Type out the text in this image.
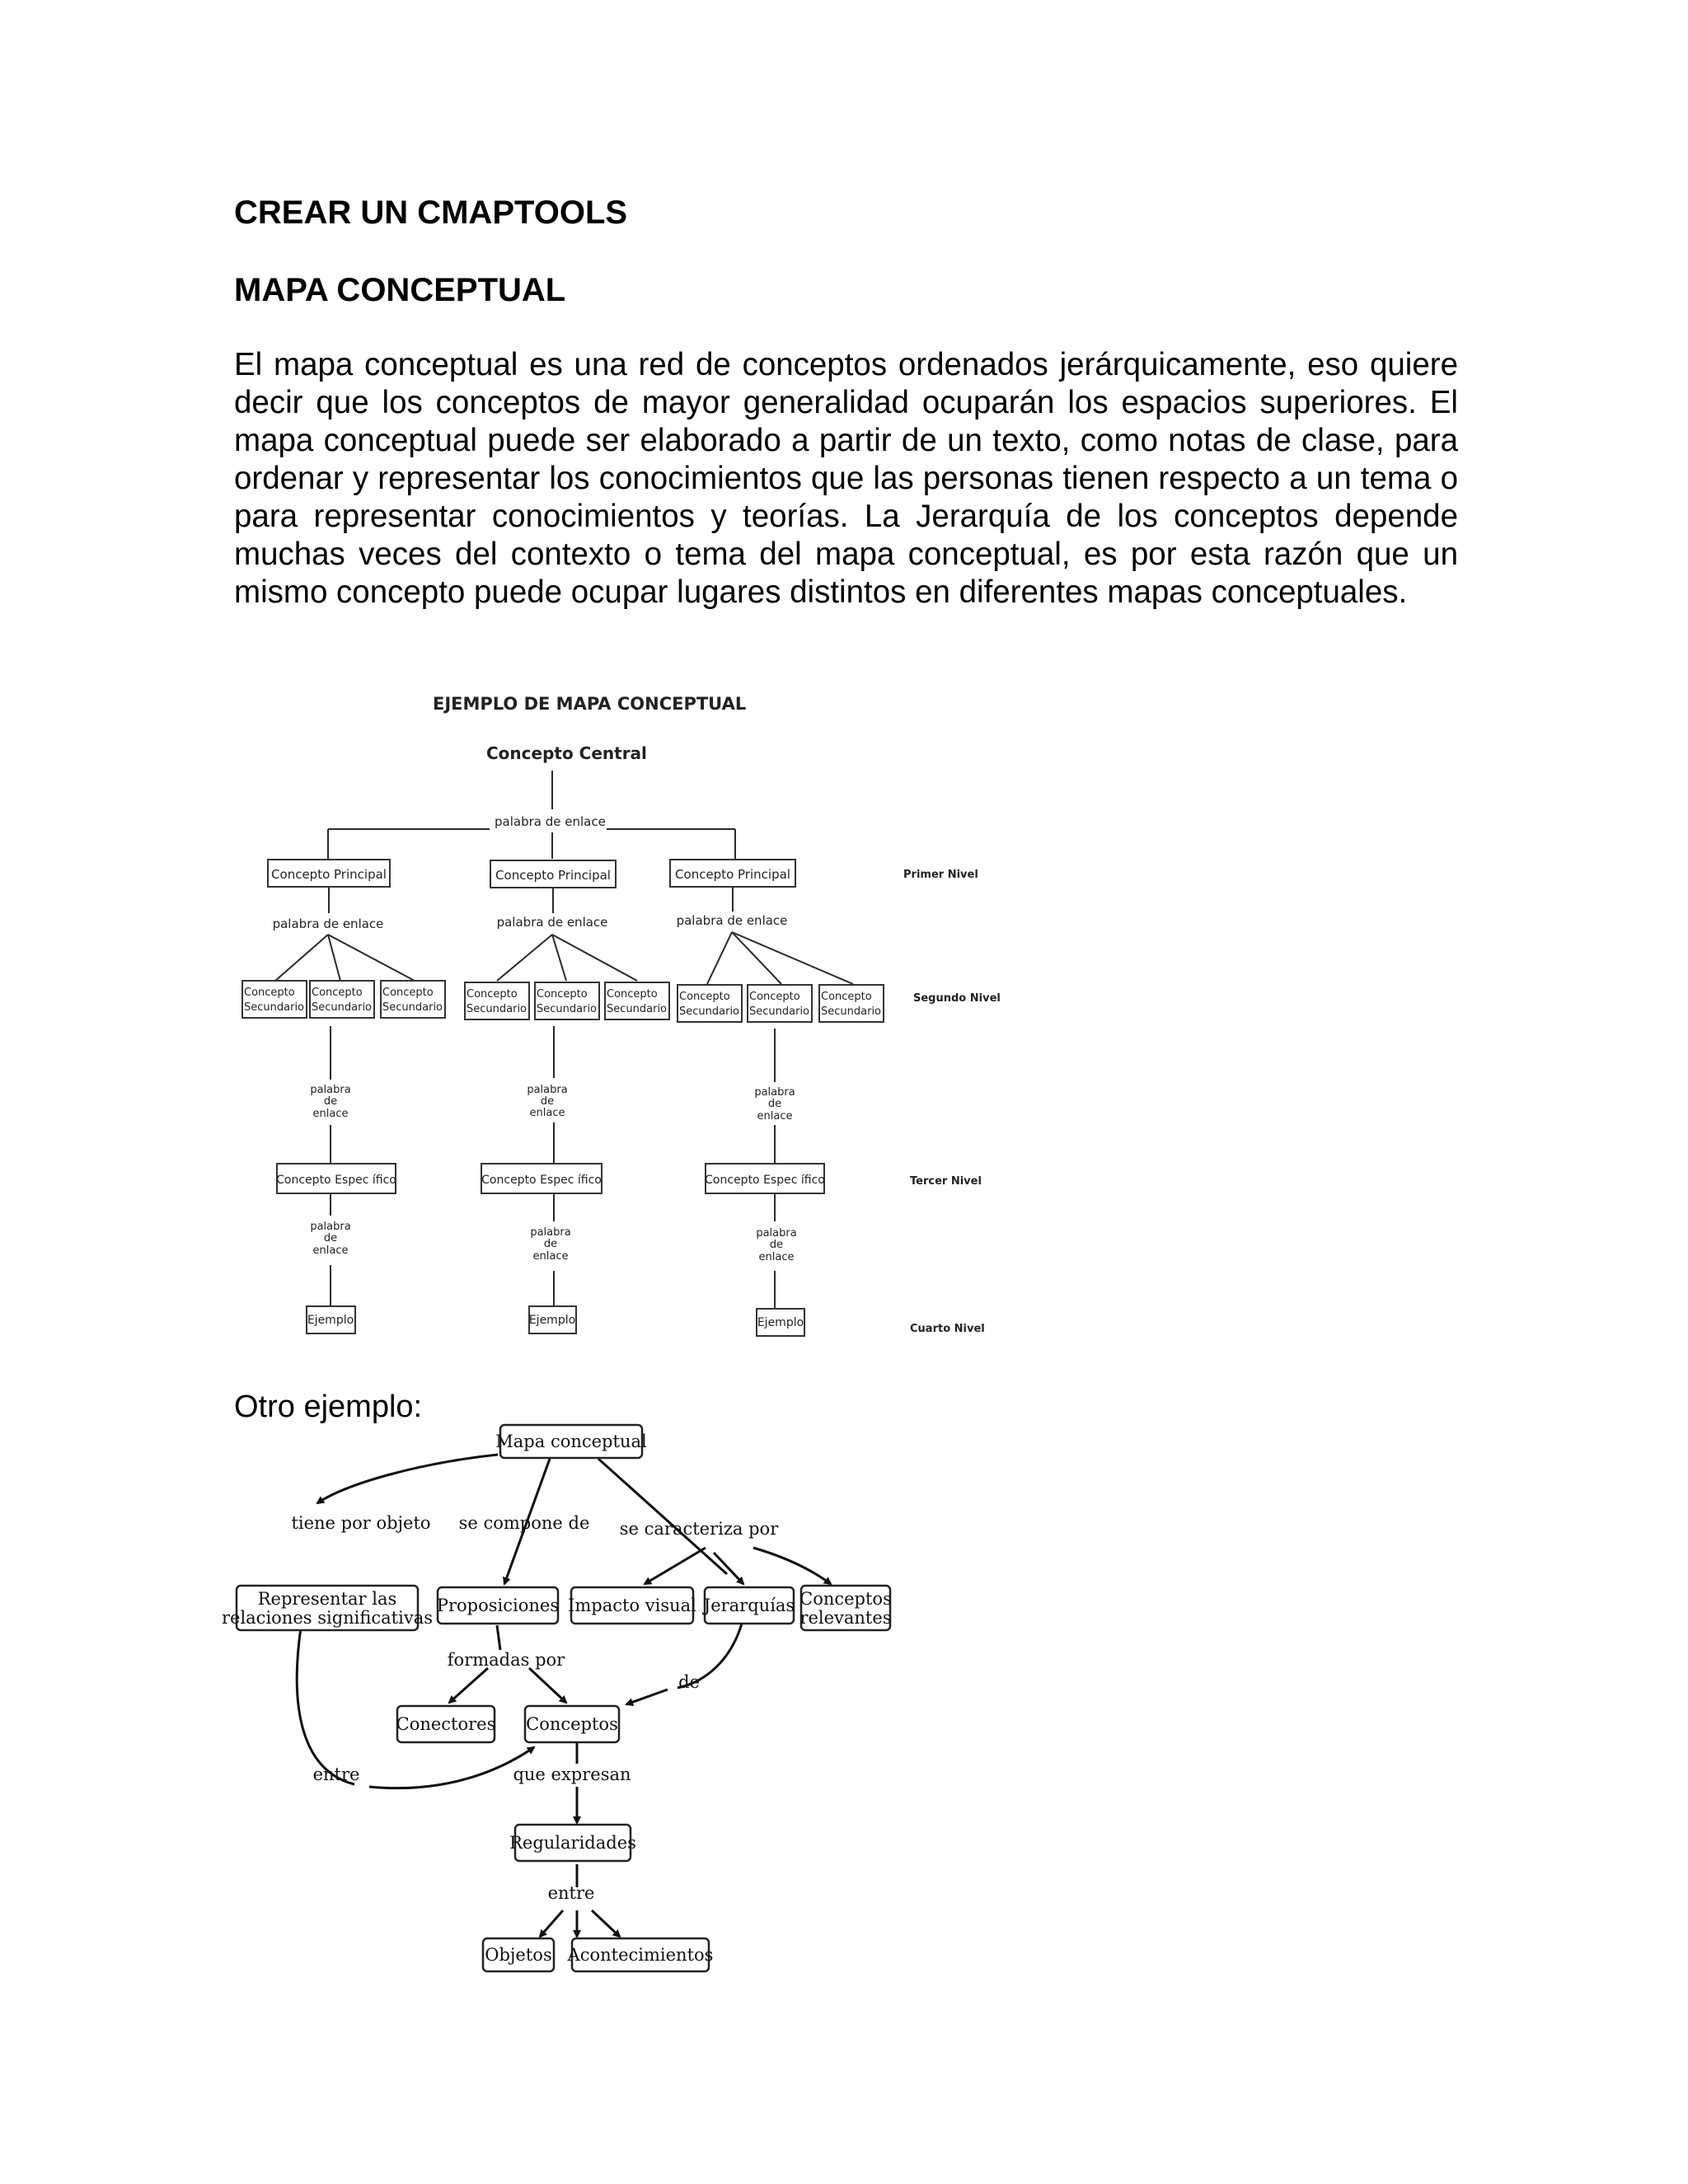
CREAR UN CMAPTOOLS
MAPA CONCEPTUAL

El mapa conceptual es una red de conceptos ordenados jerárquicamente, eso quiere decir que los conceptos de mayor generalidad ocuparán los espacios superiores. El mapa conceptual puede ser elaborado a partir de un texto, como notas de clase, para ordenar y representar los conocimientos que las personas tienen respecto a un tema o para representar conocimientos y teorías. La Jerarquía de los conceptos depende muchas veces del contexto o tema del mapa conceptual, es por esta razón que un mismo concepto puede ocupar lugares distintos en diferentes mapas conceptuales.

EJEMPLO DE MAPA CONCEPTUAL
Concepto Central
palabra de enlace
Concepto Principal	Concepto Principal	Concepto Principal
palabra de enlace	palabra de enlace	palabra de enlace
Concepto
Secundario
Concepto
Secundario
Concepto
Secundario
Concepto
Secundario
Concepto
Secundario
Concepto
Secundario
Concepto
Secundario
Concepto
Secundario
Concepto
Secundario
palabra
de
enlace
Concepto Espec ífico
palabra
de
enlace
Ejemplo
palabra
de
enlace
Concepto Espec ífico
palabra
de
enlace
Ejemplo
palabra
de
enlace
Concepto Espec ífico
palabra
de
enlace
Ejemplo
Primer Nivel
Segundo Nivel
Tercer Nivel
Cuarto Nivel

Otro ejemplo:

Mapa conceptual
tiene por objeto se compone de se caracteriza por
Representar las
relaciones significativas
Proposiciones Impacto visual Jerarquías Conceptos
relevantes
formadas por
de
Conectores Conceptos
entre	que expresan
Regularidades
entre
Objetos Acontecimientos
